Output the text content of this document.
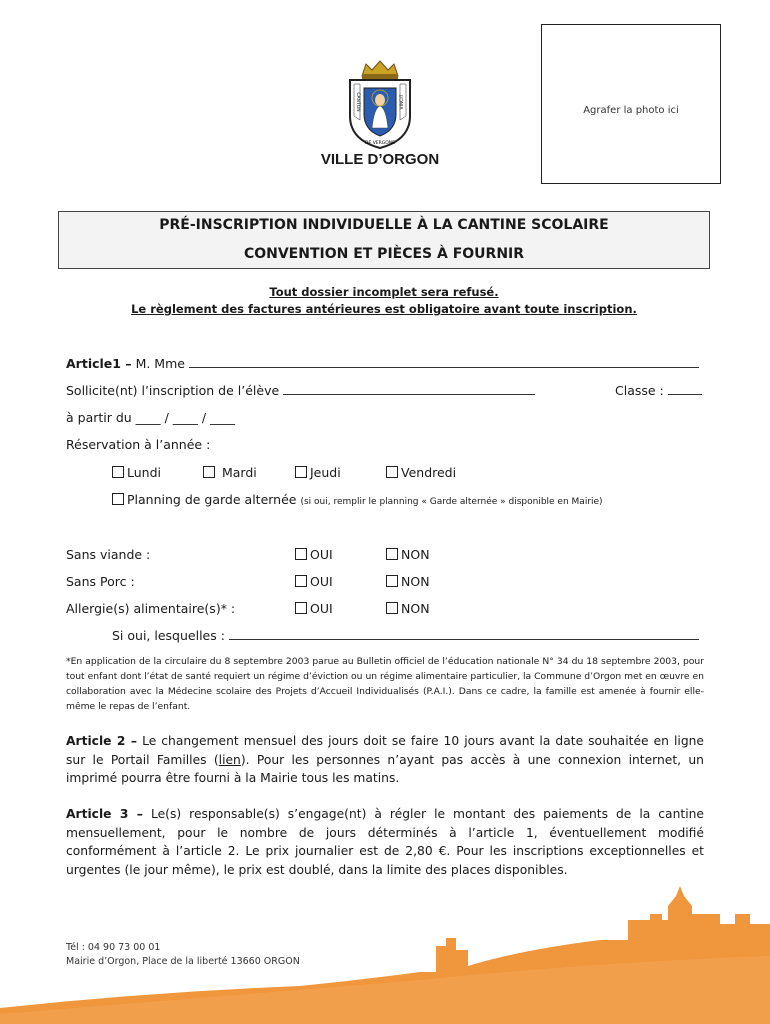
Agrafer la photo ici
CANTON	VINCIT
DE VERGONE
VILLE D’ORGON
PRÉ-INSCRIPTION INDIVIDUELLE À LA CANTINE SCOLAIRE
CONVENTION ET PIÈCES À FOURNIR
Tout dossier incomplet sera refusé.
Le règlement des factures antérieures est obligatoire avant toute inscription.
Article1 – M. Mme
Sollicite(nt) l’inscription de l’élève	Classe :
à partir du ____ / ____ / ____
Réservation à l’année :
Lundi	Mardi	Jeudi	Vendredi
Planning de garde alternée (si oui, remplir le planning « Garde alternée » disponible en Mairie)
Sans viande :	OUI	NON
Sans Porc :	OUI	NON
Allergie(s) alimentaire(s)* :	OUI	NON
Si oui, lesquelles :
*En application de la circulaire du 8 septembre 2003 parue au Bulletin officiel de l’éducation nationale N° 34 du 18 septembre 2003, pour tout enfant dont l’état de santé requiert un régime d’éviction ou un régime alimentaire particulier, la Commune d’Orgon met en œuvre en collaboration avec la Médecine scolaire des Projets d’Accueil Individualisés (P.A.I.). Dans ce cadre, la famille est amenée à fournir elle-même le repas de l’enfant.
Article 2 – Le changement mensuel des jours doit se faire 10 jours avant la date souhaitée en ligne sur le Portail Familles (lien). Pour les personnes n’ayant pas accès à une connexion internet, un imprimé pourra être fourni à la Mairie tous les matins.
Article 3 – Le(s) responsable(s) s’engage(nt) à régler le montant des paiements de la cantine mensuellement, pour le nombre de jours déterminés à l’article 1, éventuellement modifié conformément à l’article 2. Le prix journalier est de 2,80 €. Pour les inscriptions exceptionnelles et urgentes (le jour même), le prix est doublé, dans la limite des places disponibles.
Tél : 04 90 73 00 01
Mairie d’Orgon, Place de la liberté 13660 ORGON
